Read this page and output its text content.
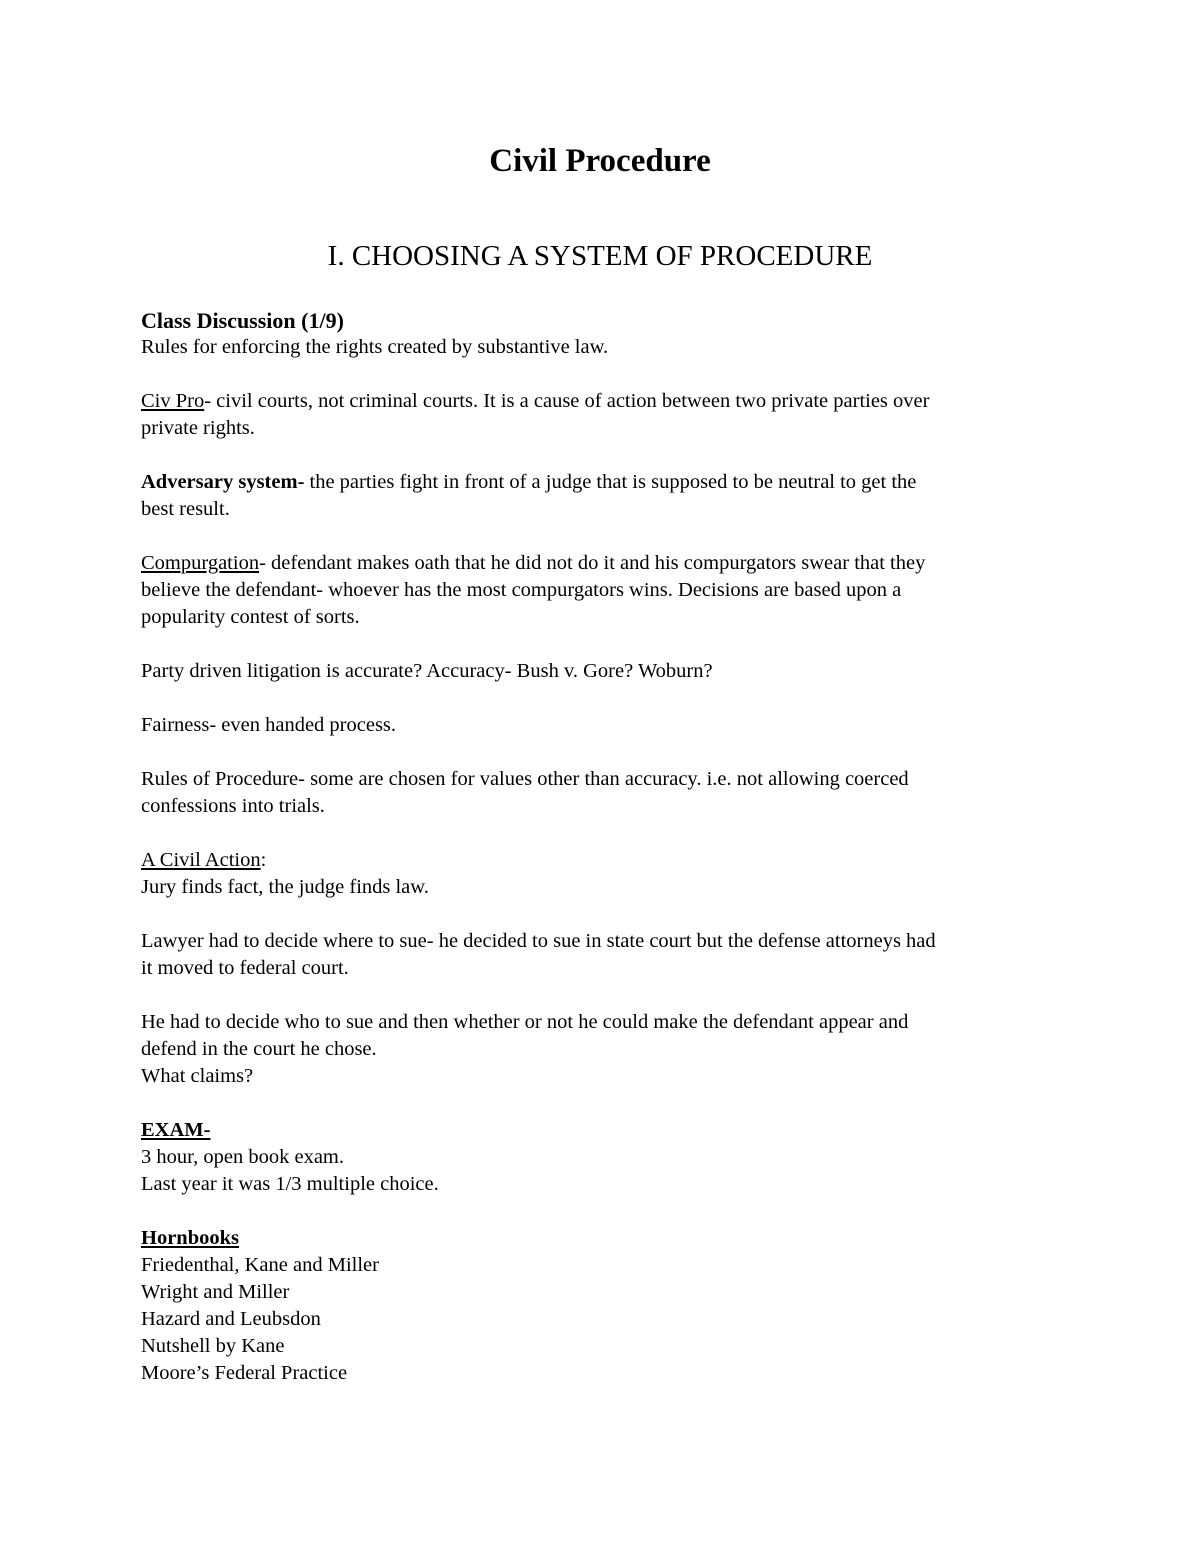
Civil Procedure
I. CHOOSING A SYSTEM OF PROCEDURE
Class Discussion (1/9)
Rules for enforcing the rights created by substantive law.
Civ Pro- civil courts, not criminal courts. It is a cause of action between two private parties over
private rights.
Adversary system- the parties fight in front of a judge that is supposed to be neutral to get the
best result.
Compurgation- defendant makes oath that he did not do it and his compurgators swear that they
believe the defendant- whoever has the most compurgators wins. Decisions are based upon a
popularity contest of sorts.
Party driven litigation is accurate? Accuracy- Bush v. Gore? Woburn?
Fairness- even handed process.
Rules of Procedure- some are chosen for values other than accuracy. i.e. not allowing coerced
confessions into trials.
A Civil Action:
Jury finds fact, the judge finds law.
Lawyer had to decide where to sue- he decided to sue in state court but the defense attorneys had
it moved to federal court.
He had to decide who to sue and then whether or not he could make the defendant appear and
defend in the court he chose.
What claims?
EXAM-
3 hour, open book exam.
Last year it was 1/3 multiple choice.
Hornbooks
Friedenthal, Kane and Miller
Wright and Miller
Hazard and Leubsdon
Nutshell by Kane
Moore’s Federal Practice
